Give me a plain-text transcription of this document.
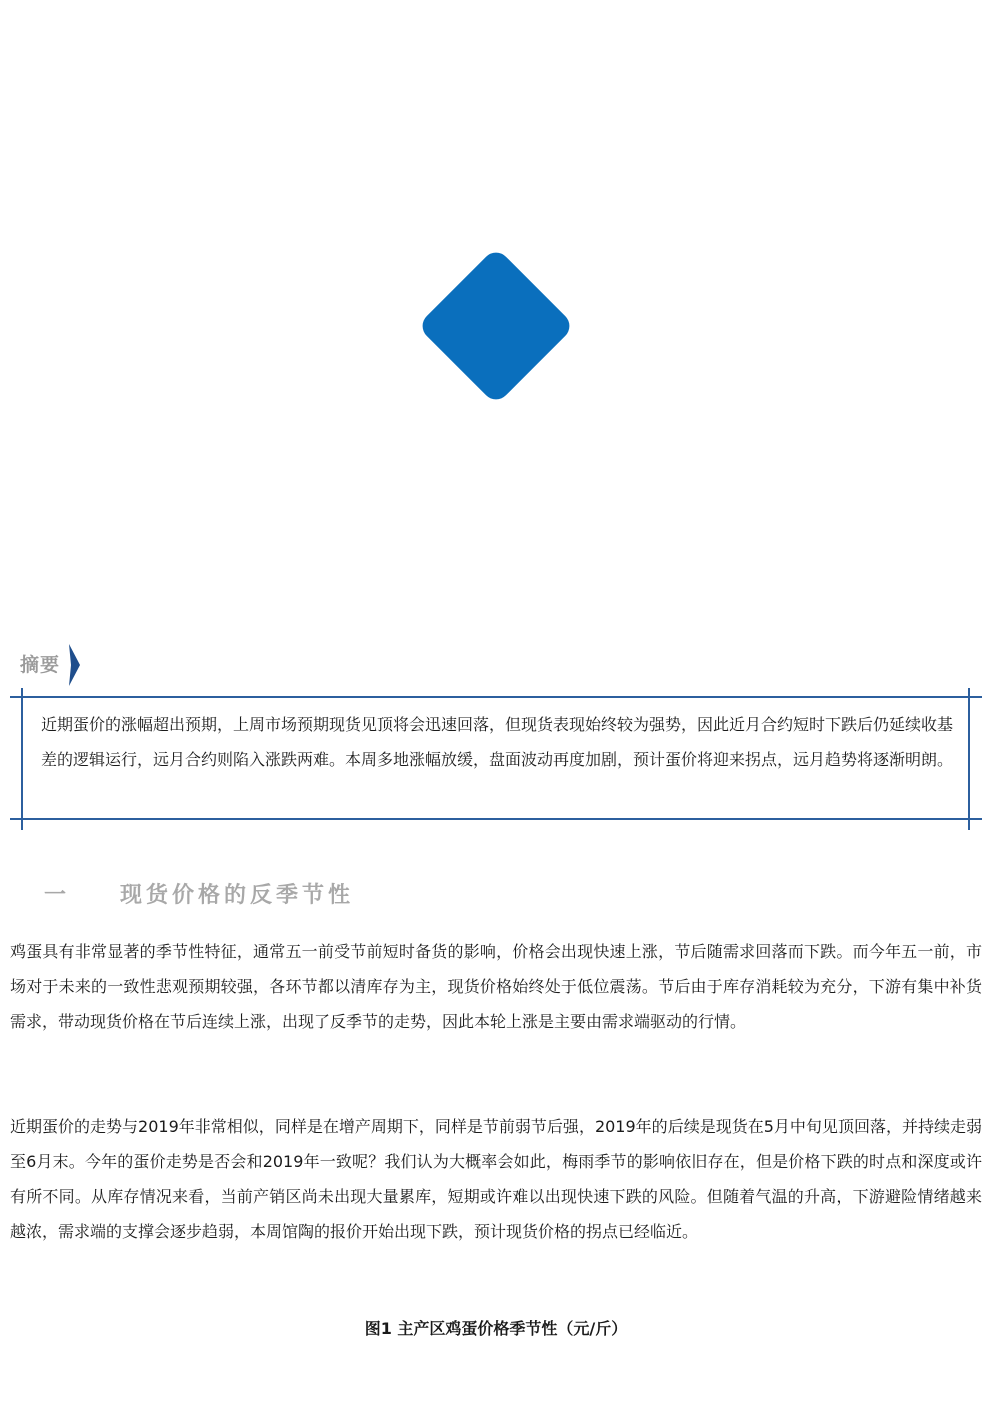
摘要
近期蛋价的涨幅超出预期，上周市场预期现货见顶将会迅速回落，但现货表现始终较为强势，因此近月合约短时下跌后仍延续收基差的逻辑运行，远月合约则陷入涨跌两难。本周多地涨幅放缓，盘面波动再度加剧，预计蛋价将迎来拐点，远月趋势将逐渐明朗。
一 现货价格的反季节性

鸡蛋具有非常显著的季节性特征，通常五一前受节前短时备货的影响，价格会出现快速上涨，节后随需求回落而下跌。而今年五一前，市场对于未来的一致性悲观预期较强，各环节都以清库存为主，现货价格始终处于低位震荡。节后由于库存消耗较为充分，下游有集中补货需求，带动现货价格在节后连续上涨，出现了反季节的走势，因此本轮上涨是主要由需求端驱动的行情。

近期蛋价的走势与2019年非常相似，同样是在增产周期下，同样是节前弱节后强，2019年的后续是现货在5月中旬见顶回落，并持续走弱至6月末。今年的蛋价走势是否会和2019年一致呢？我们认为大概率会如此，梅雨季节的影响依旧存在，但是价格下跌的时点和深度或许有所不同。从库存情况来看，当前产销区尚未出现大量累库，短期或许难以出现快速下跌的风险。但随着气温的升高，下游避险情绪越来越浓，需求端的支撑会逐步趋弱，本周馆陶的报价开始出现下跌，预计现货价格的拐点已经临近。

图1 主产区鸡蛋价格季节性（元/斤）
